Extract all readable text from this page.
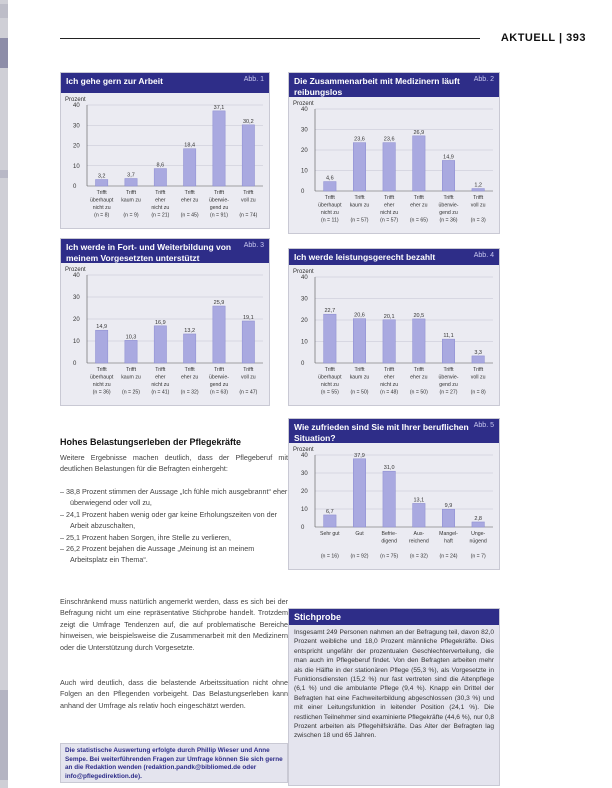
AKTUELL | 393
Ich gehe gern zur Arbeit	Abb. 1
Prozent
40
30
20
10
0
3,2
Trifft
überhaupt
nicht zu
(n = 8)
3,7
Trifft
kaum zu
(n = 9)
8,6
Trifft
eher
nicht zu
(n = 21)
18,4
Trifft
eher zu
(n = 45)
37,1
Trifft
überwie-
gend zu
(n = 91)
30,2
Trifft
voll zu
(n = 74)
Die Zusammenarbeit mit Medizinern läuft reibungslos
Abb. 2
Prozent
40
30
20
10
0
4,6
Trifft
überhaupt
nicht zu
(n = 11)
23,6
Trifft
kaum zu
(n = 57)
23,6
Trifft
eher
nicht zu
(n = 57)
26,9
Trifft
eher zu
(n = 65)
14,9
Trifft
überwie-
gend zu
(n = 36)
1,2
Trifft
voll zu
(n = 3)
Ich werde in Fort- und Weiterbildung von meinem Vorgesetzten unterstützt
Abb. 3
Prozent
40
30
20
10
0
14,9
Trifft
überhaupt
nicht zu
(n = 36)
10,3
Trifft
kaum zu
(n = 25)
16,9
Trifft
eher
nicht zu
(n = 41)
13,2
Trifft
eher zu
(n = 32)
25,9
Trifft
überwie-
gend zu
(n = 63)
19,1
Trifft
voll zu
(n = 47)
Ich werde leistungsgerecht bezahlt	Abb. 4
Prozent
40
30
20
10
0
22,7
Trifft
überhaupt
nicht zu
(n = 55)
20,6
Trifft
kaum zu
(n = 50)
20,1
Trifft
eher
nicht zu
(n = 48)
20,5
Trifft
eher zu
(n = 50)
11,1
Trifft
überwie-
gend zu
(n = 27)
3,3
Trifft
voll zu
(n = 8)
Wie zufrieden sind Sie mit Ihrer beruflichen Situation?
Abb. 5
Prozent
40
30
20
10
0
6,7
Sehr gut
(n = 16)
37,9
Gut
(n = 92)
31,0
Befrie-
digend
(n = 75)
13,1
Aus-
reichend
(n = 32)
9,9
Mangel-
haft
(n = 24)
2,8
Unge-
nügend
(n = 7)
Hohes Belastungserleben der Pflegekräfte
Weitere Ergebnisse machen deutlich, dass der Pflegeberuf mit deutlichen Belastungen für die Befragten einhergeht:
– 38,8 Prozent stimmen der Aussage „Ich fühle mich ausgebrannt“ eher überwiegend oder voll zu,
– 24,1 Prozent haben wenig oder gar keine Erholungszeiten von der Arbeit abzuschalten,
– 25,1 Prozent haben Sorgen, ihre Stelle zu verlieren,
– 26,2 Prozent bejahen die Aussage „Meinung ist an meinem Arbeitsplatz ein Thema“.
Einschränkend muss natürlich angemerkt werden, dass es sich bei der Befragung nicht um eine repräsentative Stichprobe handelt. Trotzdem zeigt die Umfrage Tendenzen auf, die auf problematische Bereiche hinweisen, wie beispielsweise die Zusammenarbeit mit den Medizinern oder die Unterstützung durch Vorgesetzte.
Auch wird deutlich, dass die belastende Arbeitssituation nicht ohne Folgen an den Pflegenden vorbeigeht. Das Belastungserleben kann anhand der Umfrage als relativ hoch eingeschätzt werden.
Die statistische Auswertung erfolgte durch Phillip Wieser und Anne Sempe. Bei weiterführenden Fragen zur Umfrage können Sie sich gerne an die Redaktion wenden (redaktion.pandk@bibliomed.de oder info@pflegedirektion.de).
Stichprobe
Insgesamt 249 Personen nahmen an der Befragung teil, davon 82,0 Prozent weibliche und 18,0 Prozent männliche Pflegekräfte. Dies entspricht ungefähr der prozentualen Geschlechterverteilung, die man auch im Pflegeberuf findet. Von den Befragten arbeiten mehr als die Hälfte in der stationären Pflege (55,3 %), als Vorgesetzte in Funktionsdiensten (15,2 %) nur fast vertreten sind die Altenpflege (6,1 %) und die ambulante Pflege (9,4 %). Knapp ein Drittel der Befragten hat eine Fachweiterbildung abgeschlossen (30,3 %) und mit einer Leitungsfunktion in leitender Position (24,1 %). Die restlichen Teilnehmer sind examinierte Pflegekräfte (44,6 %), nur 0,8 Prozent arbeiten als Pflegehilfskräfte. Das Alter der Befragten lag zwischen 18 und 65 Jahren.
